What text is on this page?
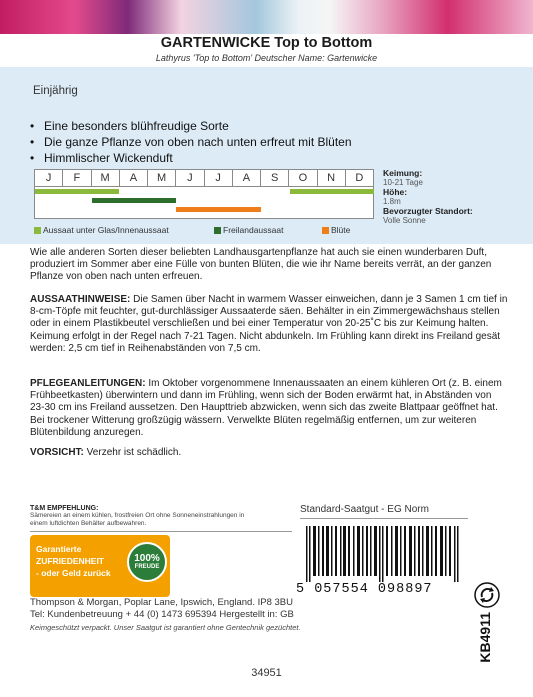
GARTENWICKE Top to Bottom
Lathyrus 'Top to Bottom' Deutscher Name: Gartenwicke
Einjährig
• Eine besonders blühfreudige Sorte
• Die ganze Pflanze von oben nach unten erfreut mit Blüten
• Himmlischer Wickenduft
J	F	M	A	M	J	J	A	S	O	N	D
Aussaat unter Glas/Innenaussaat	Freilandaussaat	Blüte
Keimung:
10-21 Tage
Höhe:
1.8m
Bevorzugter Standort:
Volle Sonne
Wie alle anderen Sorten dieser beliebten Landhausgartenpflanze hat auch sie einen wunderbaren Duft, produziert im Sommer aber eine Fülle von bunten Blüten, die wie ihr Name bereits verrät, an der ganzen Pflanze von oben nach unten erfreuen.
AUSSAATHINWEISE: Die Samen über Nacht in warmem Wasser einweichen, dann je 3 Samen 1 cm tief in 8-cm-Töpfe mit feuchter, gut-durchlässiger Aussaaterde säen. Behälter in ein Zimmergewächshaus stellen oder in einem Plastikbeutel verschließen und bei einer Temperatur von 20-25˚C bis zur Keimung halten. Keimung erfolgt in der Regel nach 7-21 Tagen. Nicht abdunkeln. Im Frühling kann direkt ins Freiland gesät werden: 2,5 cm tief in Reihenabständen von 7,5 cm.
PFLEGEANLEITUNGEN: Im Oktober vorgenommene Innenaussaaten an einem kühleren Ort (z. B. einem Frühbeetkasten) überwintern und dann im Frühling, wenn sich der Boden erwärmt hat, in Abständen von 23-30 cm ins Freiland aussetzen. Den Haupttrieb abzwicken, wenn sich das zweite Blattpaar geöffnet hat. Bei trockener Witterung großzügig wässern. Verwelkte Blüten regelmäßig entfernen, um zur weiteren Blütenbildung anzuregen.
VORSICHT: Verzehr ist schädlich.
T&M EMPFEHLUNG:
Sämereien an einem kühlen, frostfreien Ort ohne Sonneneinstrahlungen in
einem luftdichten Behälter aufbewahren.
Garantierte
ZUFRIEDENHEIT
- oder Geld zurück
100%
FREUDE
Standard-Saatgut - EG Norm
5 057554 098897
KB4911
Thompson & Morgan, Poplar Lane, Ipswich, England. IP8 3BU
Tel: Kundenbetreuung + 44 (0) 1473 695394 Hergestellt in: GB
Keimgeschützt verpackt. Unser Saatgut ist garantiert ohne Gentechnik gezüchtet.
34951
